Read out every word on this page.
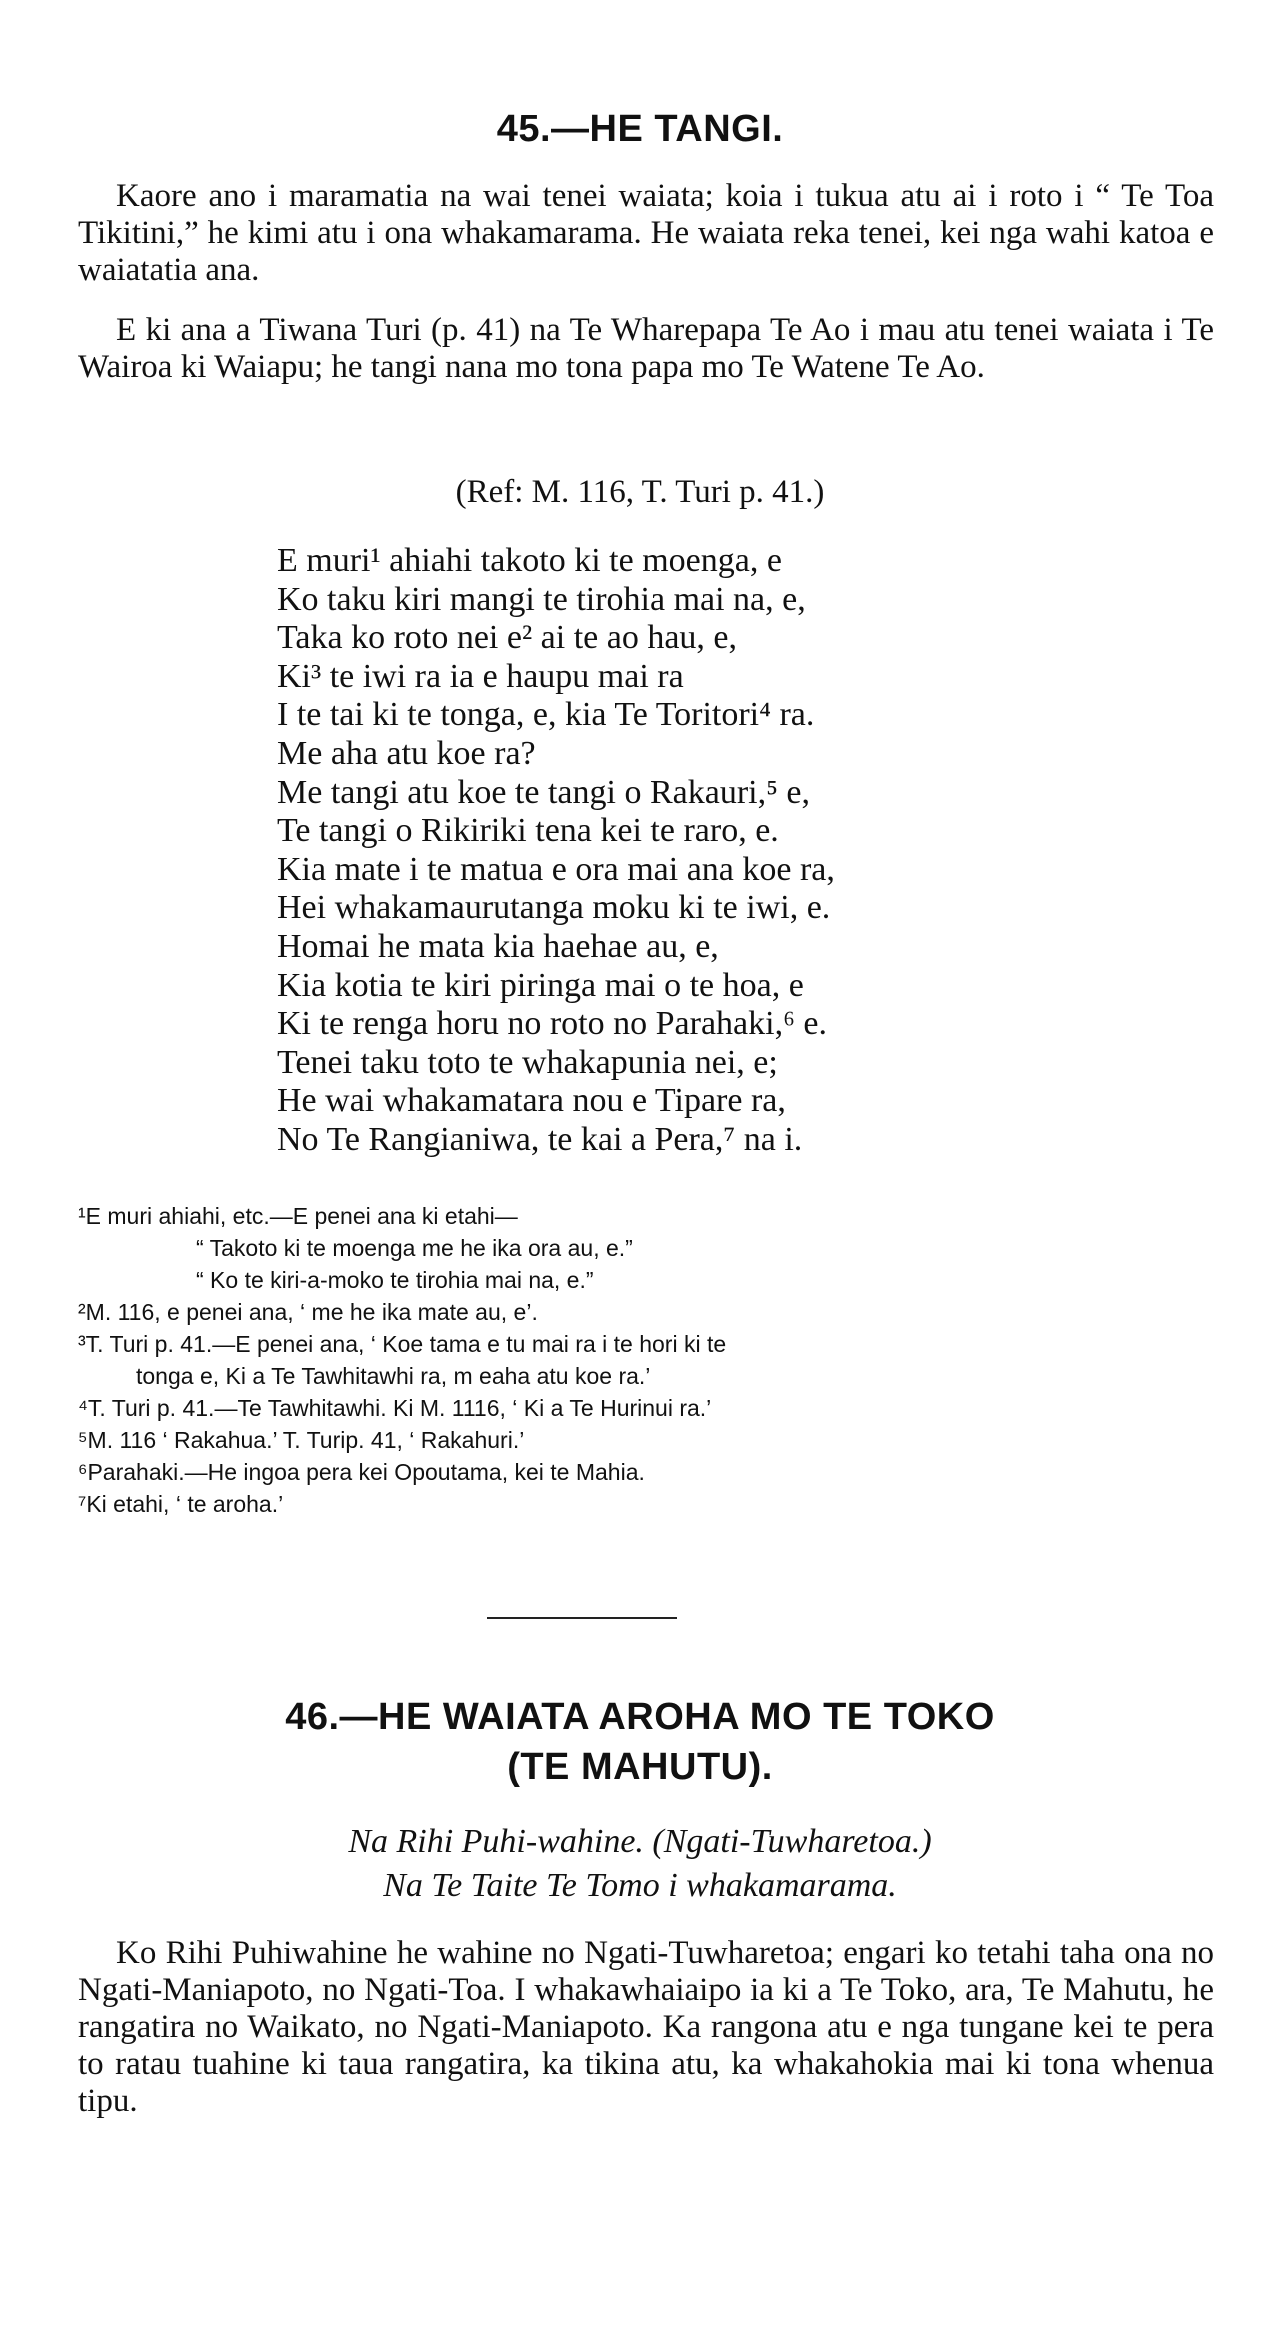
45.—HE TANGI.

Kaore ano i maramatia na wai tenei waiata; koia i tukua atu ai i roto i “ Te Toa Tikitini,” he kimi atu i ona whakamarama. He waiata reka tenei, kei nga wahi katoa e waiatatia ana.

E ki ana a Tiwana Turi (p. 41) na Te Wharepapa Te Ao i mau atu tenei waiata i Te Wairoa ki Waiapu; he tangi nana mo tona papa mo Te Watene Te Ao.

(Ref: M. 116, T. Turi p. 41.)
E muri¹ ahiahi takoto ki te moenga, e
Ko taku kiri mangi te tirohia mai na, e,
Taka ko roto nei e² ai te ao hau, e,
Ki³ te iwi ra ia e haupu mai ra
I te tai ki te tonga, e, kia Te Toritori⁴ ra.
Me aha atu koe ra?
Me tangi atu koe te tangi o Rakauri,⁵ e,
Te tangi o Rikiriki tena kei te raro, e.
Kia mate i te matua e ora mai ana koe ra,
Hei whakamaurutanga moku ki te iwi, e.
Homai he mata kia haehae au, e,
Kia kotia te kiri piringa mai o te hoa, e
Ki te renga horu no roto no Parahaki,⁶ e.
Tenei taku toto te whakapunia nei, e;
He wai whakamatara nou e Tipare ra,
No Te Rangianiwa, te kai a Pera,⁷ na i.
¹E muri ahiahi, etc.—E penei ana ki etahi—
“ Takoto ki te moenga me he ika ora au, e.”
“ Ko te kiri-a-moko te tirohia mai na, e.”
²M. 116, e penei ana, ‘ me he ika mate au, e’.
³T. Turi p. 41.—E penei ana, ‘ Koe tama e tu mai ra i te hori ki te
tonga e, Ki a Te Tawhitawhi ra, m eaha atu koe ra.’
⁴T. Turi p. 41.—Te Tawhitawhi. Ki M. 1116, ‘ Ki a Te Hurinui ra.’
⁵M. 116 ‘ Rakahua.’ T. Turip. 41, ‘ Rakahuri.’
⁶Parahaki.—He ingoa pera kei Opoutama, kei te Mahia.
⁷Ki etahi, ‘ te aroha.’
46.—HE WAIATA AROHA MO TE TOKO
(TE MAHUTU).
Na Rihi Puhi-wahine. (Ngati-Tuwharetoa.)
Na Te Taite Te Tomo i whakamarama.

Ko Rihi Puhiwahine he wahine no Ngati-Tuwharetoa; engari ko tetahi taha ona no Ngati-Maniapoto, no Ngati-Toa. I whakawhaiaipo ia ki a Te Toko, ara, Te Mahutu, he rangatira no Waikato, no Ngati-Maniapoto. Ka rangona atu e nga tungane kei te pera to ratau tuahine ki taua rangatira, ka tikina atu, ka whakahokia mai ki tona whenua tipu.
